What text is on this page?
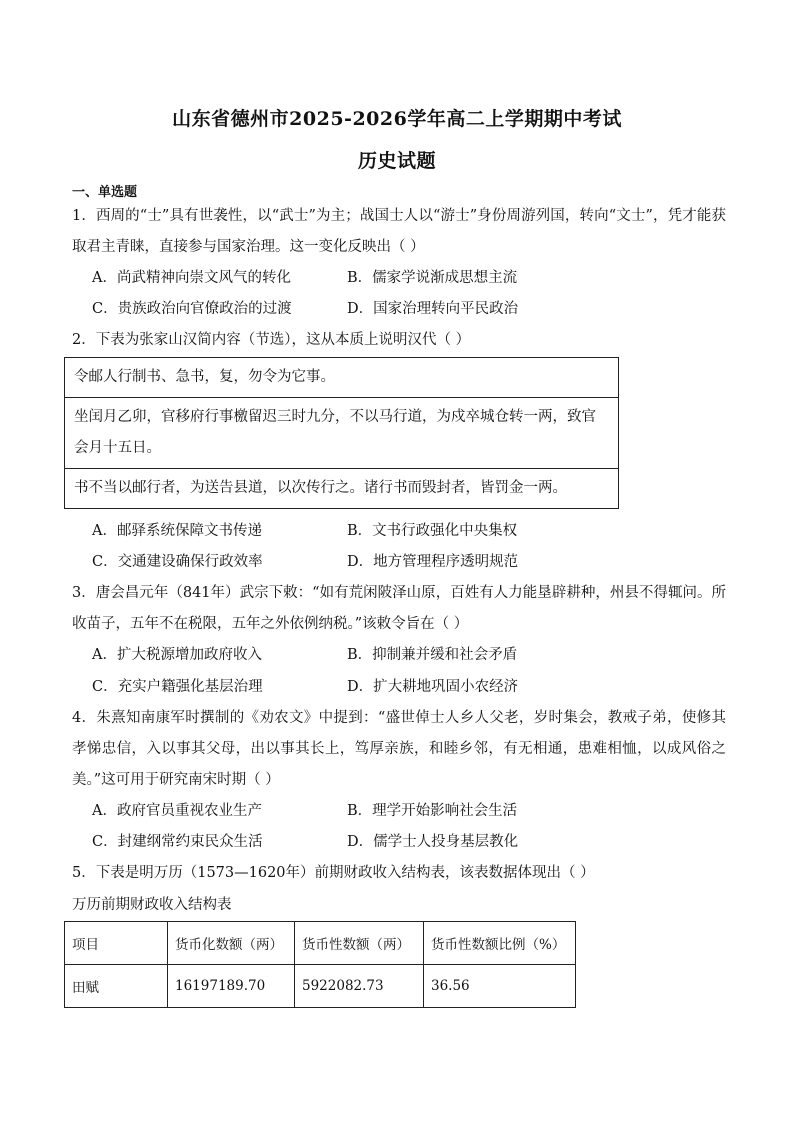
山东省德州市2025-2026学年高二上学期期中考试
历史试题
一、单选题
1．西周的“士”具有世袭性，以“武士”为主；战国士人以“游士”身份周游列国，转向“文士”，凭才能获取君主青睐，直接参与国家治理。这一变化反映出（ ）
A．尚武精神向崇文风气的转化	B．儒家学说渐成思想主流
C．贵族政治向官僚政治的过渡	D．国家治理转向平民政治
2．下表为张家山汉简内容（节选），这从本质上说明汉代（ ）
令邮人行制书、急书，复，勿令为它事。
坐闰月乙卯，官移府行事檄留迟三时九分，不以马行道，为戍卒城仓转一两，致官会月十五日。
书不当以邮行者，为送告县道，以次传行之。诸行书而毁封者，皆罚金一两。
A．邮驿系统保障文书传递	B．文书行政强化中央集权
C．交通建设确保行政效率	D．地方管理程序透明规范
3．唐会昌元年（841年）武宗下敕：“如有荒闲陂泽山原，百姓有人力能垦辟耕种，州县不得辄问。所收苗子，五年不在税限，五年之外依例纳税。”该敕令旨在（ ）
A．扩大税源增加政府收入	B．抑制兼并缓和社会矛盾
C．充实户籍强化基层治理	D．扩大耕地巩固小农经济
4．朱熹知南康军时撰制的《劝农文》中提到：“盛世倬士人乡人父老，岁时集会，教戒子弟，使修其孝悌忠信，入以事其父母，出以事其长上，笃厚亲族，和睦乡邻，有无相通，患难相恤，以成风俗之美。”这可用于研究南宋时期（ ）
A．政府官员重视农业生产	B．理学开始影响社会生活
C．封建纲常约束民众生活	D．儒学士人投身基层教化
5．下表是明万历（1573—1620年）前期财政收入结构表，该表数据体现出（ ）
万历前期财政收入结构表
项目	货币化数额（两）	货币性数额（两）	货币性数额比例（%）
田赋	16197189.70	5922082.73	36.56
